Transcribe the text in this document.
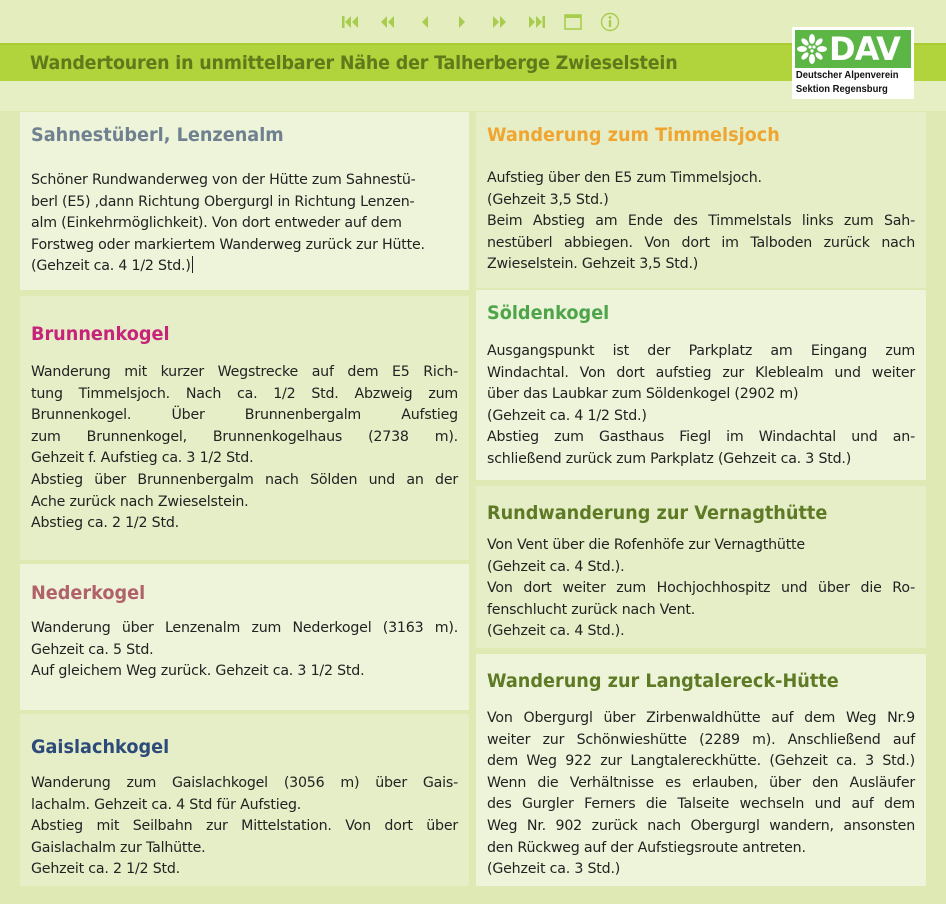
Wandertouren in unmittelbarer Nähe der Talherberge Zwieselstein	DAV
Deutscher Alpenverein
Sektion Regensburg
Sahnestüberl, Lenzenalm

Schöner Rundwanderweg von der Hütte zum Sahnestü-
berl (E5) ,dann Richtung Obergurgl in Richtung Lenzen-
alm (Einkehrmöglichkeit). Von dort entweder auf dem
Forstweg oder markiertem Wanderweg zurück zur Hütte.
(Gehzeit ca. 4 1/2 Std.)

Brunnenkogel

Wanderung mit kurzer Wegstrecke auf dem E5 Rich-
tung Timmelsjoch. Nach ca. 1/2 Std. Abzweig zum
Brunnenkogel. Über Brunnenbergalm Aufstieg
zum Brunnenkogel, Brunnenkogelhaus (2738 m).
Gehzeit f. Aufstieg ca. 3 1/2 Std.
Abstieg über Brunnenbergalm nach Sölden und an der
Ache zurück nach Zwieselstein.
Abstieg ca. 2 1/2 Std.

Nederkogel

Wanderung über Lenzenalm zum Nederkogel (3163 m).
Gehzeit ca. 5 Std.
Auf gleichem Weg zurück. Gehzeit ca. 3 1/2 Std.

Gaislachkogel

Wanderung zum Gaislachkogel (3056 m) über Gais-
lachalm. Gehzeit ca. 4 Std für Aufstieg.
Abstieg mit Seilbahn zur Mittelstation. Von dort über
Gaislachalm zur Talhütte.
Gehzeit ca. 2 1/2 Std.

Wanderung zum Timmelsjoch

Aufstieg über den E5 zum Timmelsjoch.
(Gehzeit 3,5 Std.)
Beim Abstieg am Ende des Timmelstals links zum Sah-
nestüberl abbiegen. Von dort im Talboden zurück nach
Zwieselstein. Gehzeit 3,5 Std.)

Söldenkogel

Ausgangspunkt ist der Parkplatz am Eingang zum
Windachtal. Von dort aufstieg zur Kleblealm und weiter
über das Laubkar zum Söldenkogel (2902 m)
(Gehzeit ca. 4 1/2 Std.)
Abstieg zum Gasthaus Fiegl im Windachtal und an-
schließend zurück zum Parkplatz (Gehzeit ca. 3 Std.)

Rundwanderung zur Vernagthütte

Von Vent über die Rofenhöfe zur Vernagthütte
(Gehzeit ca. 4 Std.).
Von dort weiter zum Hochjochhospitz und über die Ro-
fenschlucht zurück nach Vent.
(Gehzeit ca. 4 Std.).

Wanderung zur Langtalereck-Hütte

Von Obergurgl über Zirbenwaldhütte auf dem Weg Nr.9
weiter zur Schönwieshütte (2289 m). Anschließend auf
dem Weg 922 zur Langtalereckhütte. (Gehzeit ca. 3 Std.)
Wenn die Verhältnisse es erlauben, über den Ausläufer
des Gurgler Ferners die Talseite wechseln und auf dem
Weg Nr. 902 zurück nach Obergurgl wandern, ansonsten
den Rückweg auf der Aufstiegsroute antreten.
(Gehzeit ca. 3 Std.)
